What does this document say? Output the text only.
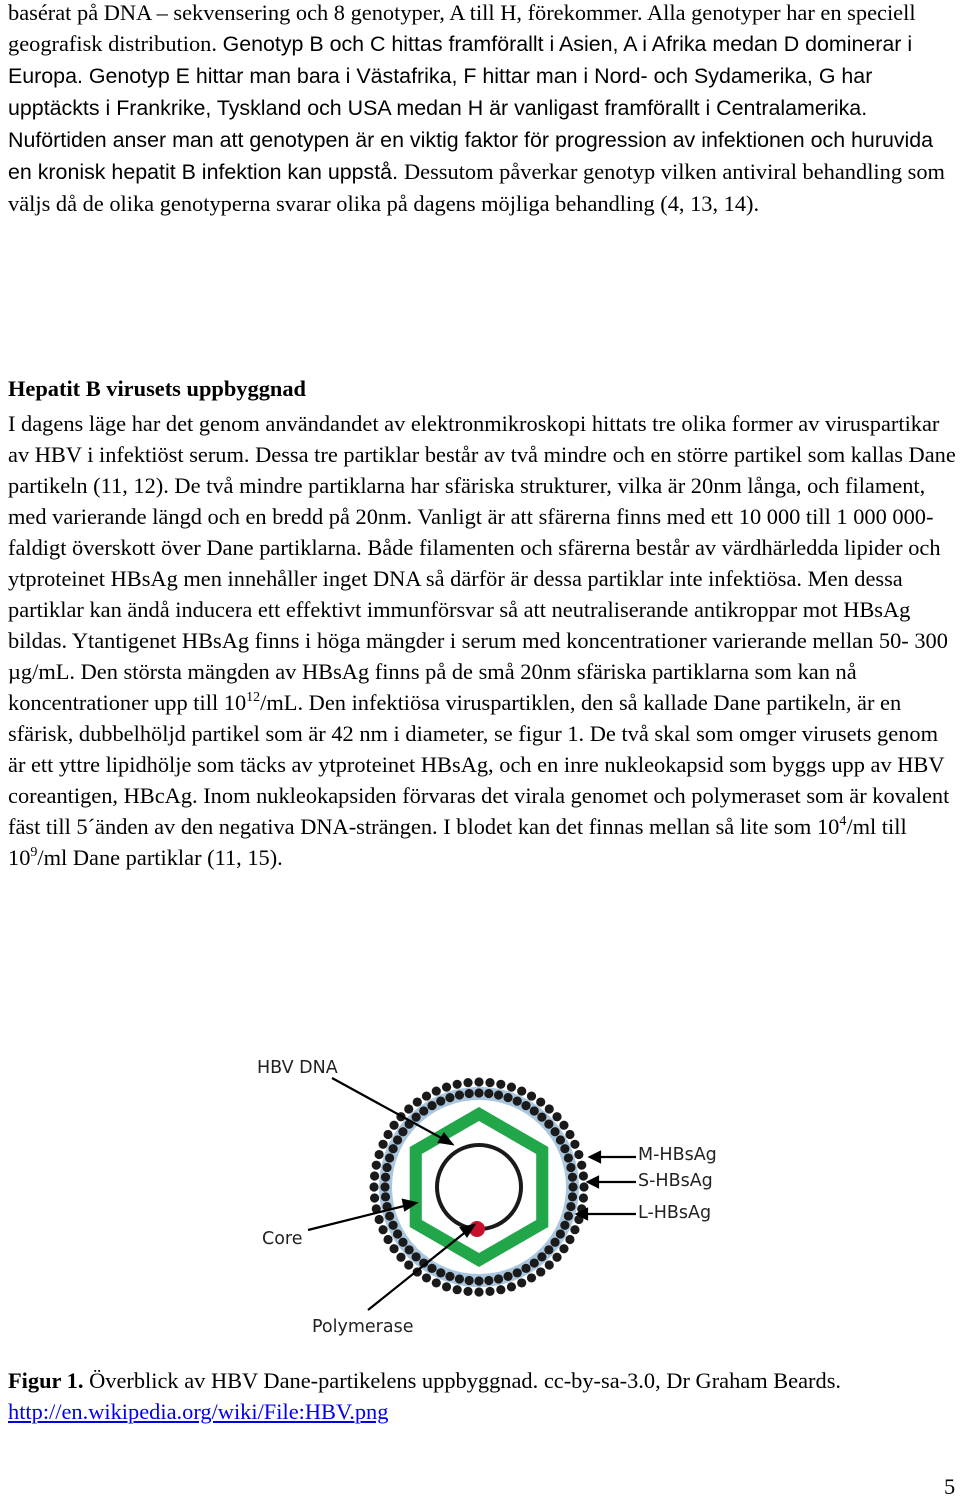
basérat på DNA – sekvensering och 8 genotyper, A till H, förekommer. Alla genotyper har en speciell geografisk distribution. Genotyp B och C hittas framförallt i Asien, A i Afrika medan D dominerar i Europa. Genotyp E hittar man bara i Västafrika, F hittar man i Nord- och Sydamerika, G har upptäckts i Frankrike, Tyskland och USA medan H är vanligast framförallt i Centralamerika. Nuförtiden anser man att genotypen är en viktig faktor för progression av infektionen och huruvida en kronisk hepatit B infektion kan uppstå. Dessutom påverkar genotyp vilken antiviral behandling som väljs då de olika genotyperna svarar olika på dagens möjliga behandling (4, 13, 14).

Hepatit B virusets uppbyggnad

I dagens läge har det genom användandet av elektronmikroskopi hittats tre olika former av viruspartikar av HBV i infektiöst serum. Dessa tre partiklar består av två mindre och en större partikel som kallas Dane partikeln (11, 12). De två mindre partiklarna har sfäriska strukturer, vilka är 20nm långa, och filament, med varierande längd och en bredd på 20nm. Vanligt är att sfärerna finns med ett 10 000 till 1 000 000-faldigt överskott över Dane partiklarna. Både filamenten och sfärerna består av värdhärledda lipider och ytproteinet HBsAg men innehåller inget DNA så därför är dessa partiklar inte infektiösa. Men dessa partiklar kan ändå inducera ett effektivt immunförsvar så att neutraliserande antikroppar mot HBsAg bildas. Ytantigenet HBsAg finns i höga mängder i serum med koncentrationer varierande mellan 50- 300 µg/mL. Den största mängden av HBsAg finns på de små 20nm sfäriska partiklarna som kan nå koncentrationer upp till $10^{12}/mL$. Den infektiösa viruspartiklen, den så kallade Dane partikeln, är en sfärisk, dubbelhöljd partikel som är 42 nm i diameter, se figur 1. De två skal som omger virusets genom är ett yttre lipidhölje som täcks av ytproteinet HBsAg, och en inre nukleokapsid som byggs upp av HBV coreantigen, HBcAg. Inom nukleokapsiden förvaras det virala genomet och polymeraset som är kovalent fäst till 5´änden av den negativa DNA-strängen. I blodet kan det finnas mellan så lite som $10^4/ml$ till $10^9/ml$ Dane partiklar (11, 15).

HBV DNA
M-HBsAg
S-HBsAg
L-HBsAg
Core
Polymerase

Figur 1. Överblick av HBV Dane-partikelens uppbyggnad. cc-by-sa-3.0, Dr Graham Beards.
http://en.wikipedia.org/wiki/File:HBV.png

5
